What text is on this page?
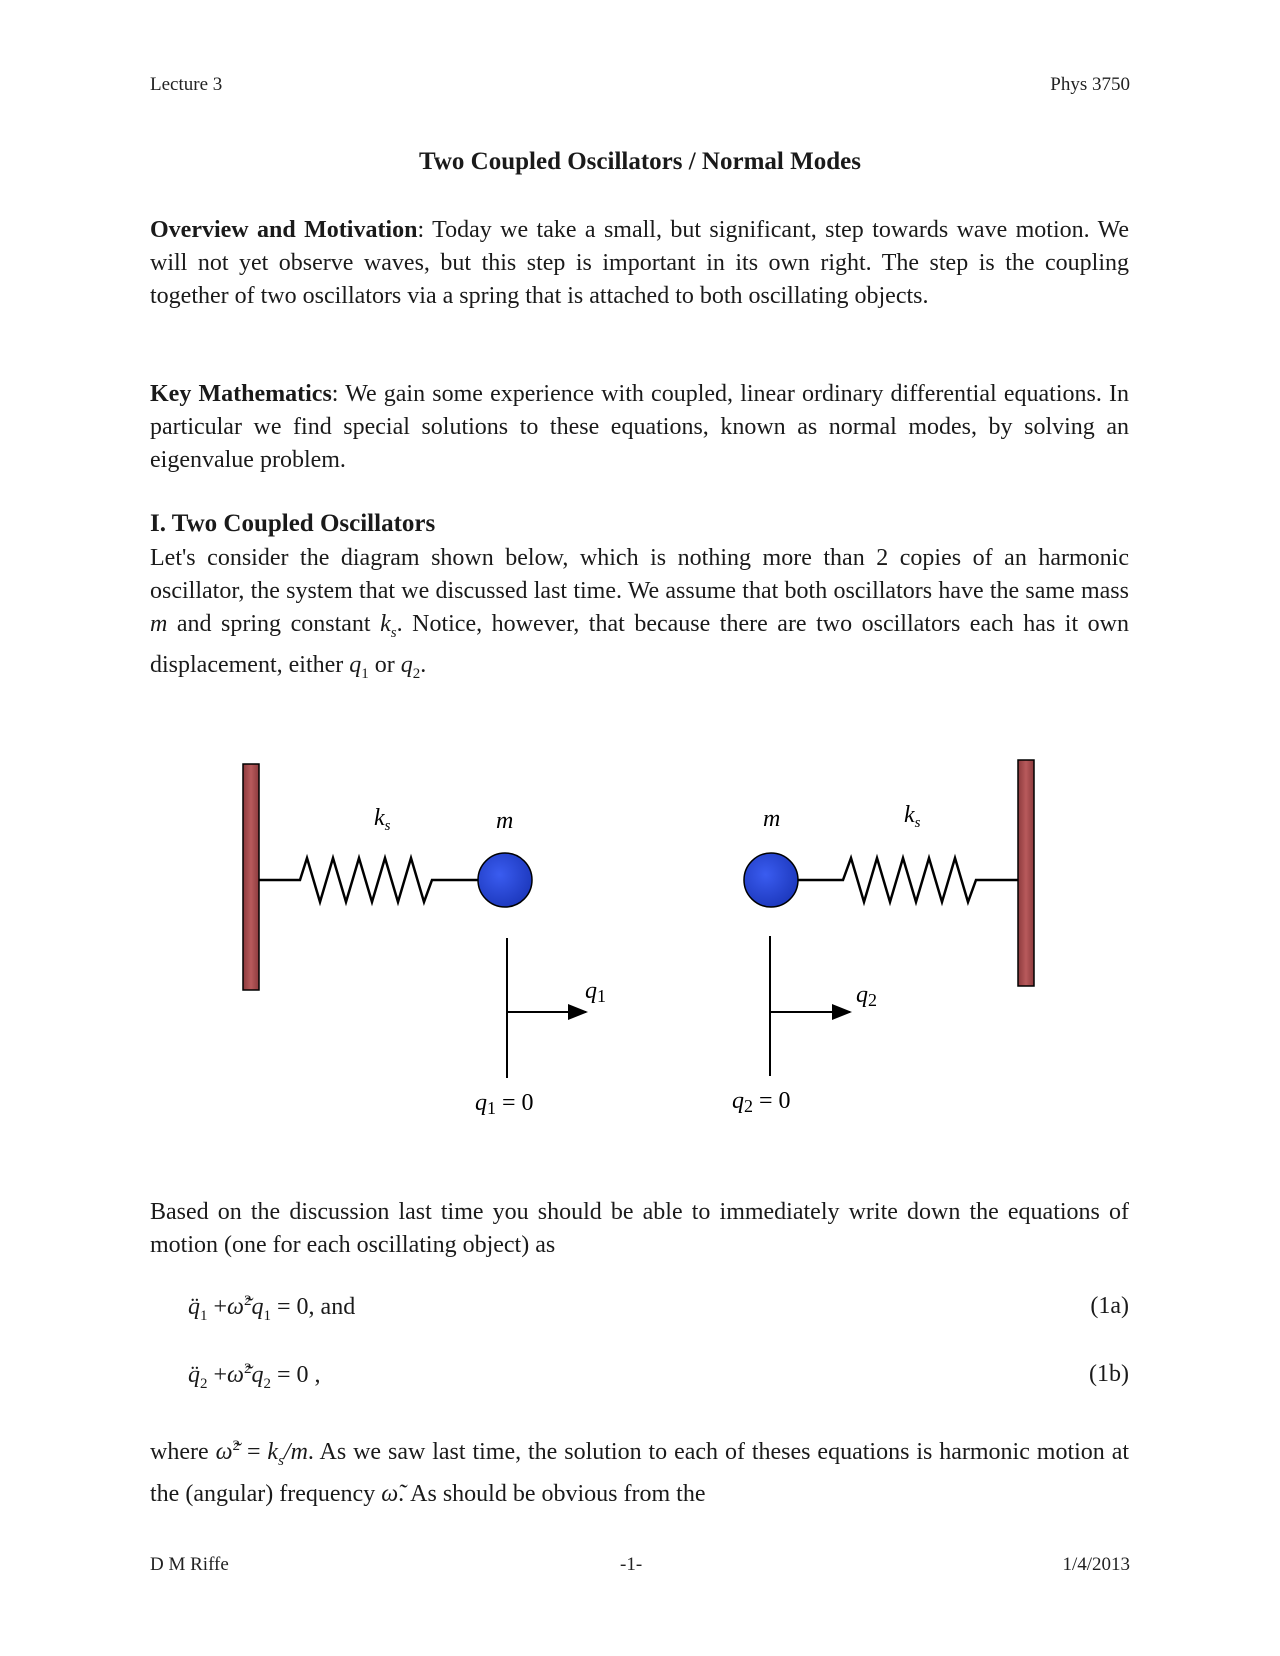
Lecture 3	Phys 3750
Two Coupled Oscillators / Normal Modes
Overview and Motivation: Today we take a small, but significant, step towards wave motion. We will not yet observe waves, but this step is important in its own right. The step is the coupling together of two oscillators via a spring that is attached to both oscillating objects.
Key Mathematics: We gain some experience with coupled, linear ordinary differential equations. In particular we find special solutions to these equations, known as normal modes, by solving an eigenvalue problem.
I. Two Coupled Oscillators
Let's consider the diagram shown below, which is nothing more than 2 copies of an harmonic oscillator, the system that we discussed last time. We assume that both oscillators have the same mass m and spring constant $k_s$. Notice, however, that because there are two oscillators each has it own displacement, either $q_1$ or $q_2$.
$k_s$	m
q1
q1 = 0
m	$k_s$
q2
q2 = 0
Based on the discussion last time you should be able to immediately write down the equations of motion (one for each oscillating object) as
$q̈_1$ $+\omegã^2q_1 = 0$, and	(1a)
$q̈_2$ $+\omegã^2q_2 = 0$ ,	(1b)
where ω̃$^2$ = $k_s/m$. As we saw last time, the solution to each of theses equations is harmonic motion at the (angular) frequency ω̃. As should be obvious from the
D M Riffe	-1-	1/4/2013
